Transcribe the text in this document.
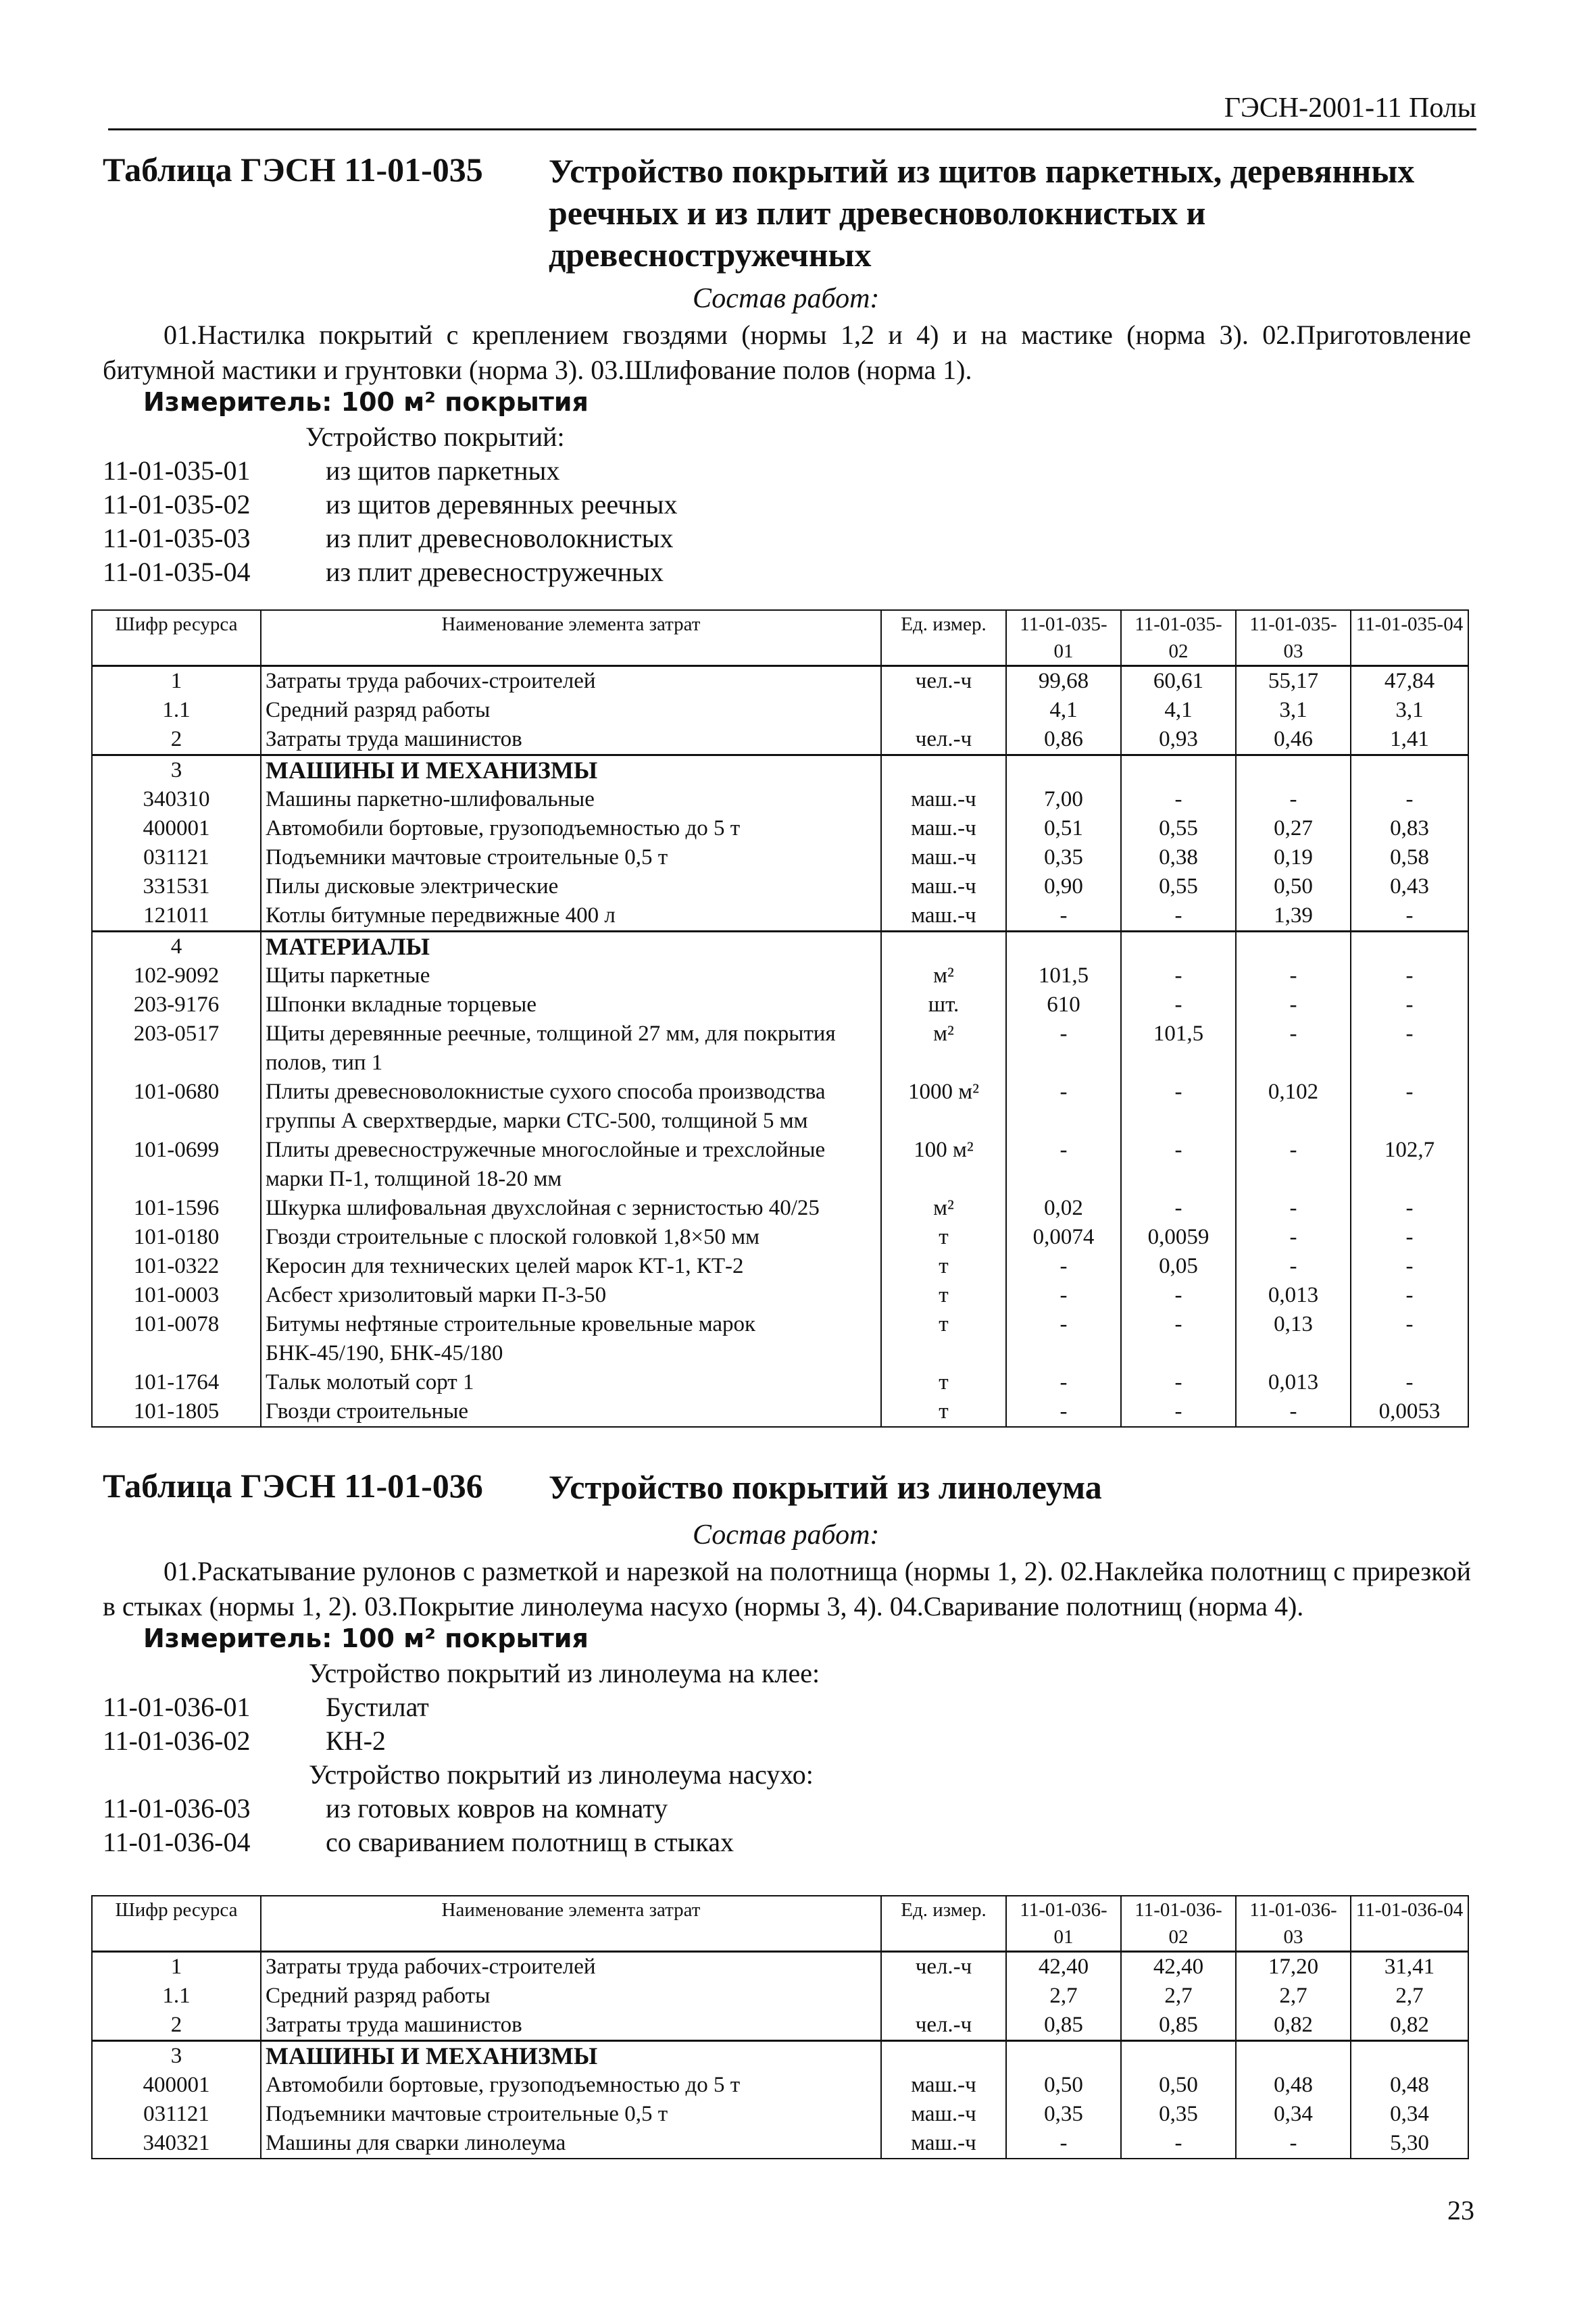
ГЭСН-2001-11 Полы
Таблица ГЭСН 11-01-035 Устройство покрытий из щитов паркетных, деревянных
реечных и из плит древесноволокнистых и
древесностружечных
Состав работ:
01.Настилка покрытий с креплением гвоздями (нормы 1,2 и 4) и на мастике (норма 3). 02.Приготовление битумной мастики и грунтовки (норма 3). 03.Шлифование полов (норма 1).
Измеритель: 100 м² покрытия
Устройство покрытий:
11-01-035-01	из щитов паркетных
11-01-035-02	из щитов деревянных реечных
11-01-035-03	из плит древесноволокнистых
11-01-035-04	из плит древесностружечных
Шифр ресурса	Наименование элемента затрат	Ед. измер.	11-01-035-01	11-01-035-02	11-01-035-03	11-01-035-04
1	Затраты труда рабочих-строителей	чел.-ч	99,68	60,61	55,17	47,84
1.1	Средний разряд работы		4,1	4,1	3,1	3,1
2	Затраты труда машинистов	чел.-ч	0,86	0,93	0,46	1,41
3	МАШИНЫ И МЕХАНИЗМЫ					
340310	Машины паркетно-шлифовальные	маш.-ч	7,00	-	-	-
400001	Автомобили бортовые, грузоподъемностью до 5 т	маш.-ч	0,51	0,55	0,27	0,83
031121	Подъемники мачтовые строительные 0,5 т	маш.-ч	0,35	0,38	0,19	0,58
331531	Пилы дисковые электрические	маш.-ч	0,90	0,55	0,50	0,43
121011	Котлы битумные передвижные 400 л	маш.-ч	-	-	1,39	-
4	МАТЕРИАЛЫ					
102-9092	Щиты паркетные	м²	101,5	-	-	-
203-9176	Шпонки вкладные торцевые	шт.	610	-	-	-
203-0517	Щиты деревянные реечные, толщиной 27 мм, для покрытия полов, тип 1	м²	-	101,5	-	-
101-0680	Плиты древесноволокнистые сухого способа производства группы А сверхтвердые, марки СТС-500, толщиной 5 мм	1000 м²	-	-	0,102	-
101-0699	Плиты древесностружечные многослойные и трехслойные марки П-1, толщиной 18-20 мм	100 м²	-	-	-	102,7
101-1596	Шкурка шлифовальная двухслойная с зернистостью 40/25	м²	0,02	-	-	-
101-0180	Гвозди строительные с плоской головкой 1,8×50 мм	т	0,0074	0,0059	-	-
101-0322	Керосин для технических целей марок КТ-1, КТ-2	т	-	0,05	-	-
101-0003	Асбест хризолитовый марки П-3-50	т	-	-	0,013	-
101-0078	Битумы нефтяные строительные кровельные марок БНК-45/190, БНК-45/180	т	-	-	0,13	-
101-1764	Тальк молотый сорт 1	т	-	-	0,013	-
101-1805	Гвозди строительные	т	-	-	-	0,0053
Таблица ГЭСН 11-01-036 Устройство покрытий из линолеума
Состав работ:
01.Раскатывание рулонов с разметкой и нарезкой на полотнища (нормы 1, 2). 02.Наклейка полотнищ с прирезкой в стыках (нормы 1, 2). 03.Покрытие линолеума насухо (нормы 3, 4). 04.Сваривание полотнищ (норма 4).
Измеритель: 100 м² покрытия
Устройство покрытий из линолеума на клее:
11-01-036-01	Бустилат
11-01-036-02	КН-2
Устройство покрытий из линолеума насухо:
11-01-036-03	из готовых ковров на комнату
11-01-036-04	со свариванием полотнищ в стыках
Шифр ресурса	Наименование элемента затрат	Ед. измер.	11-01-036-01	11-01-036-02	11-01-036-03	11-01-036-04
1	Затраты труда рабочих-строителей	чел.-ч	42,40	42,40	17,20	31,41
1.1	Средний разряд работы		2,7	2,7	2,7	2,7
2	Затраты труда машинистов	чел.-ч	0,85	0,85	0,82	0,82
3	МАШИНЫ И МЕХАНИЗМЫ					
400001	Автомобили бортовые, грузоподъемностью до 5 т	маш.-ч	0,50	0,50	0,48	0,48
031121	Подъемники мачтовые строительные 0,5 т	маш.-ч	0,35	0,35	0,34	0,34
340321	Машины для сварки линолеума	маш.-ч	-	-	-	5,30
23
